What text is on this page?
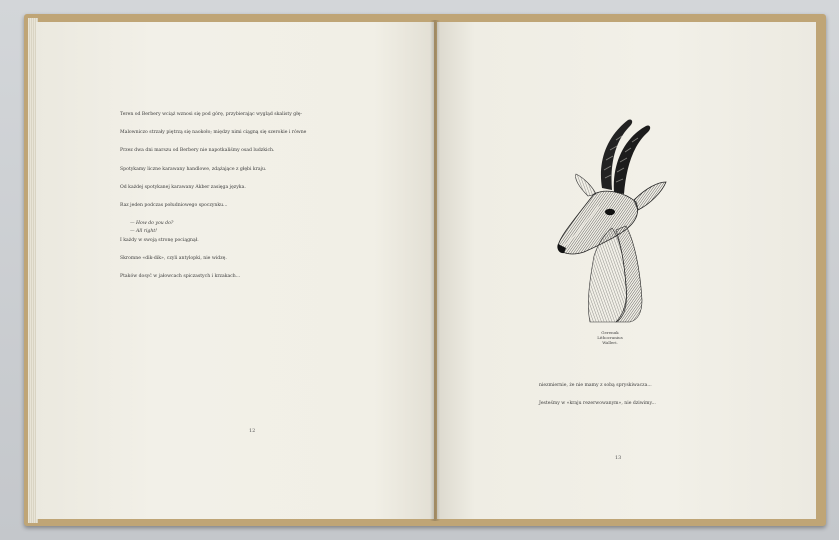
Teren od Berbery wciąż wznosi się pod górę, przybierając wygląd skalisty głę-

Malowniczo strzały piętrzą się naokoło; między nimi ciągną się szerokie i równe

Przez dwa dni marszu od Berbery nie napotkaliśmy osad ludzkich.

Spotykamy liczne karawany handlowe, zdążające z głębi kraju.

Od każdej spotykanej karawany Akber zasięga języka.

Raz jeden podczas południowego spoczynku...

— How do you do?

— All right!

I każdy w swoją stronę pociągnął.

Skromne «dik-dik», czyli antylopki, nie widzę.

Ptaków dosyć w jałowcach spiczastych i krzakach...

12
Gerenuk
Lithocranius Walleri.

niezmiernie, że nie mamy z sobą spryskiwacza...

Jesteśmy w «kraju rezerwowanym», nie dziwimy...

13
